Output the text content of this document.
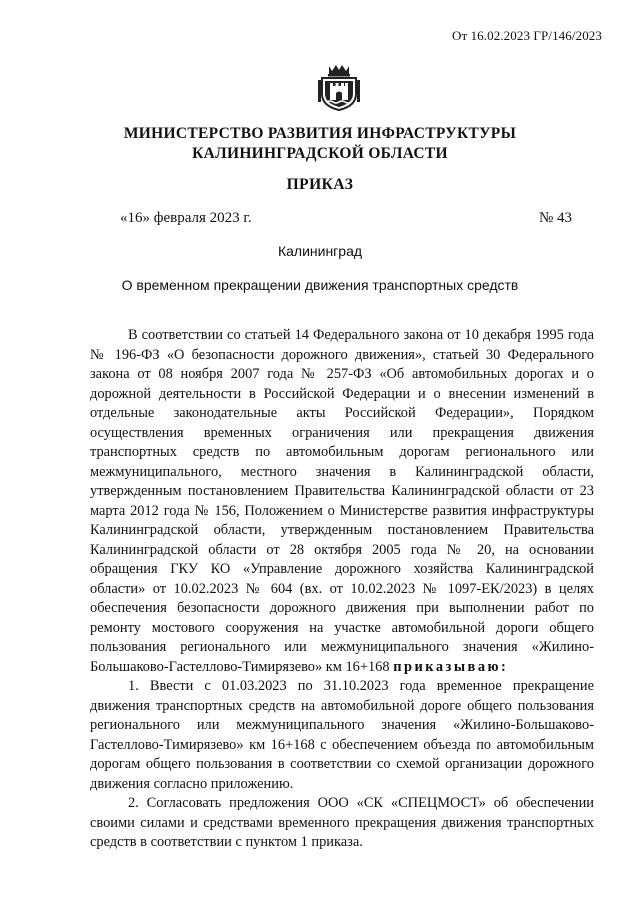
От 16.02.2023 ГР/146/2023
МИНИСТЕРСТВО РАЗВИТИЯ ИНФРАСТРУКТУРЫ
КАЛИНИНГРАДСКОЙ ОБЛАСТИ
ПРИКАЗ
«16» февраля 2023 г.	№ 43
Калининград
О временном прекращении движения транспортных средств

В соответствии со статьей 14 Федерального закона от 10 декабря 1995 года № 196-ФЗ «О безопасности дорожного движения», статьей 30 Федерального закона от 08 ноября 2007 года № 257-ФЗ «Об автомобильных дорогах и о дорожной деятельности в Российской Федерации и о внесении изменений в отдельные законодательные акты Российской Федерации», Порядком осуществления временных ограничения или прекращения движения транспортных средств по автомобильным дорогам регионального или межмуниципального, местного значения в Калининградской области, утвержденным постановлением Правительства Калининградской области от 23 марта 2012 года № 156, Положением о Министерстве развития инфраструктуры Калининградской области, утвержденным постановлением Правительства Калининградской области от 28 октября 2005 года № 20, на основании обращения ГКУ КО «Управление дорожного хозяйства Калининградской области» от 10.02.2023 № 604 (вх. от 10.02.2023 № 1097-ЕК/2023) в целях обеспечения безопасности дорожного движения при выполнении работ по ремонту мостового сооружения на участке автомобильной дороги общего пользования регионального или межмуниципального значения «Жилино-Большаково-Гастеллово-Тимирязево» км 16+168 приказываю:

1. Ввести с 01.03.2023 по 31.10.2023 года временное прекращение движения транспортных средств на автомобильной дороге общего пользования регионального или межмуниципального значения «Жилино-Большаково-Гастеллово-Тимирязево» км 16+168 с обеспечением объезда по автомобильным дорогам общего пользования в соответствии со схемой организации дорожного движения согласно приложению.

2. Согласовать предложения ООО «СК «СПЕЦМОСТ» об обеспечении своими силами и средствами временного прекращения движения транспортных средств в соответствии с пунктом 1 приказа.
